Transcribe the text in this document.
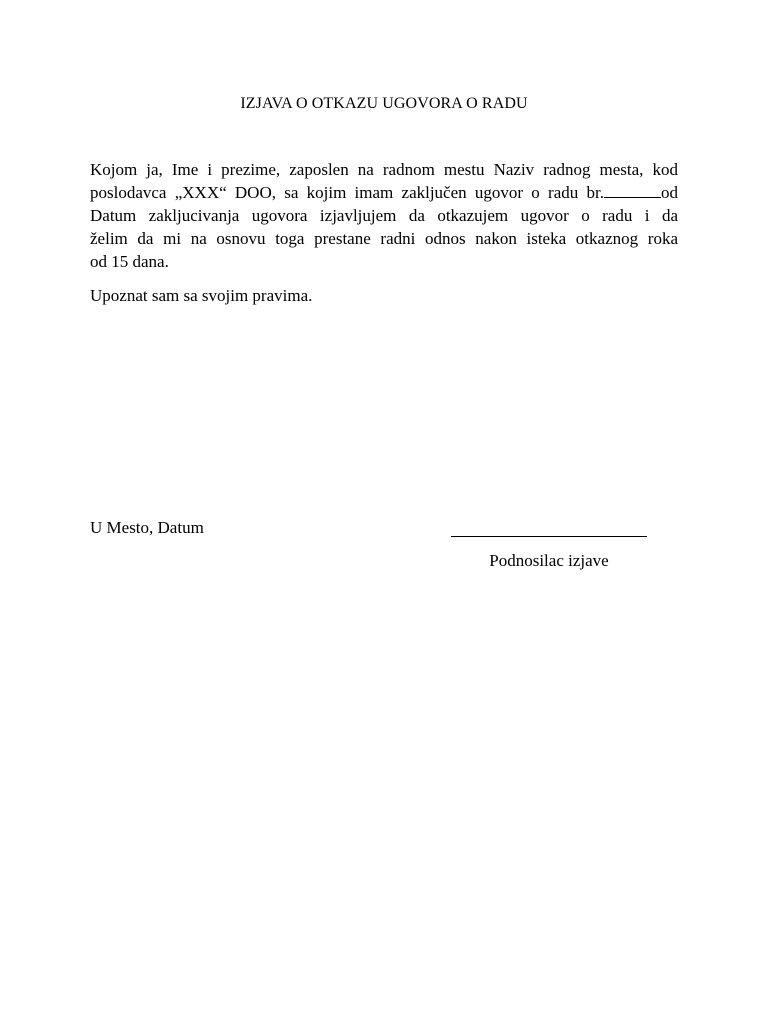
IZJAVA O OTKAZU UGOVORA O RADU
Kojom ja, Ime i prezime, zaposlen na radnom mestu Naziv radnog mesta, kod
poslodavca „XXX“ DOO, sa kojim imam zaključen ugovor o radu br.	od
Datum zakljucivanja ugovora izjavljujem da otkazujem ugovor o radu i da
želim da mi na osnovu toga prestane radni odnos nakon isteka otkaznog roka
od 15 dana.
Upoznat sam sa svojim pravima.
U Mesto, Datum
Podnosilac izjave
